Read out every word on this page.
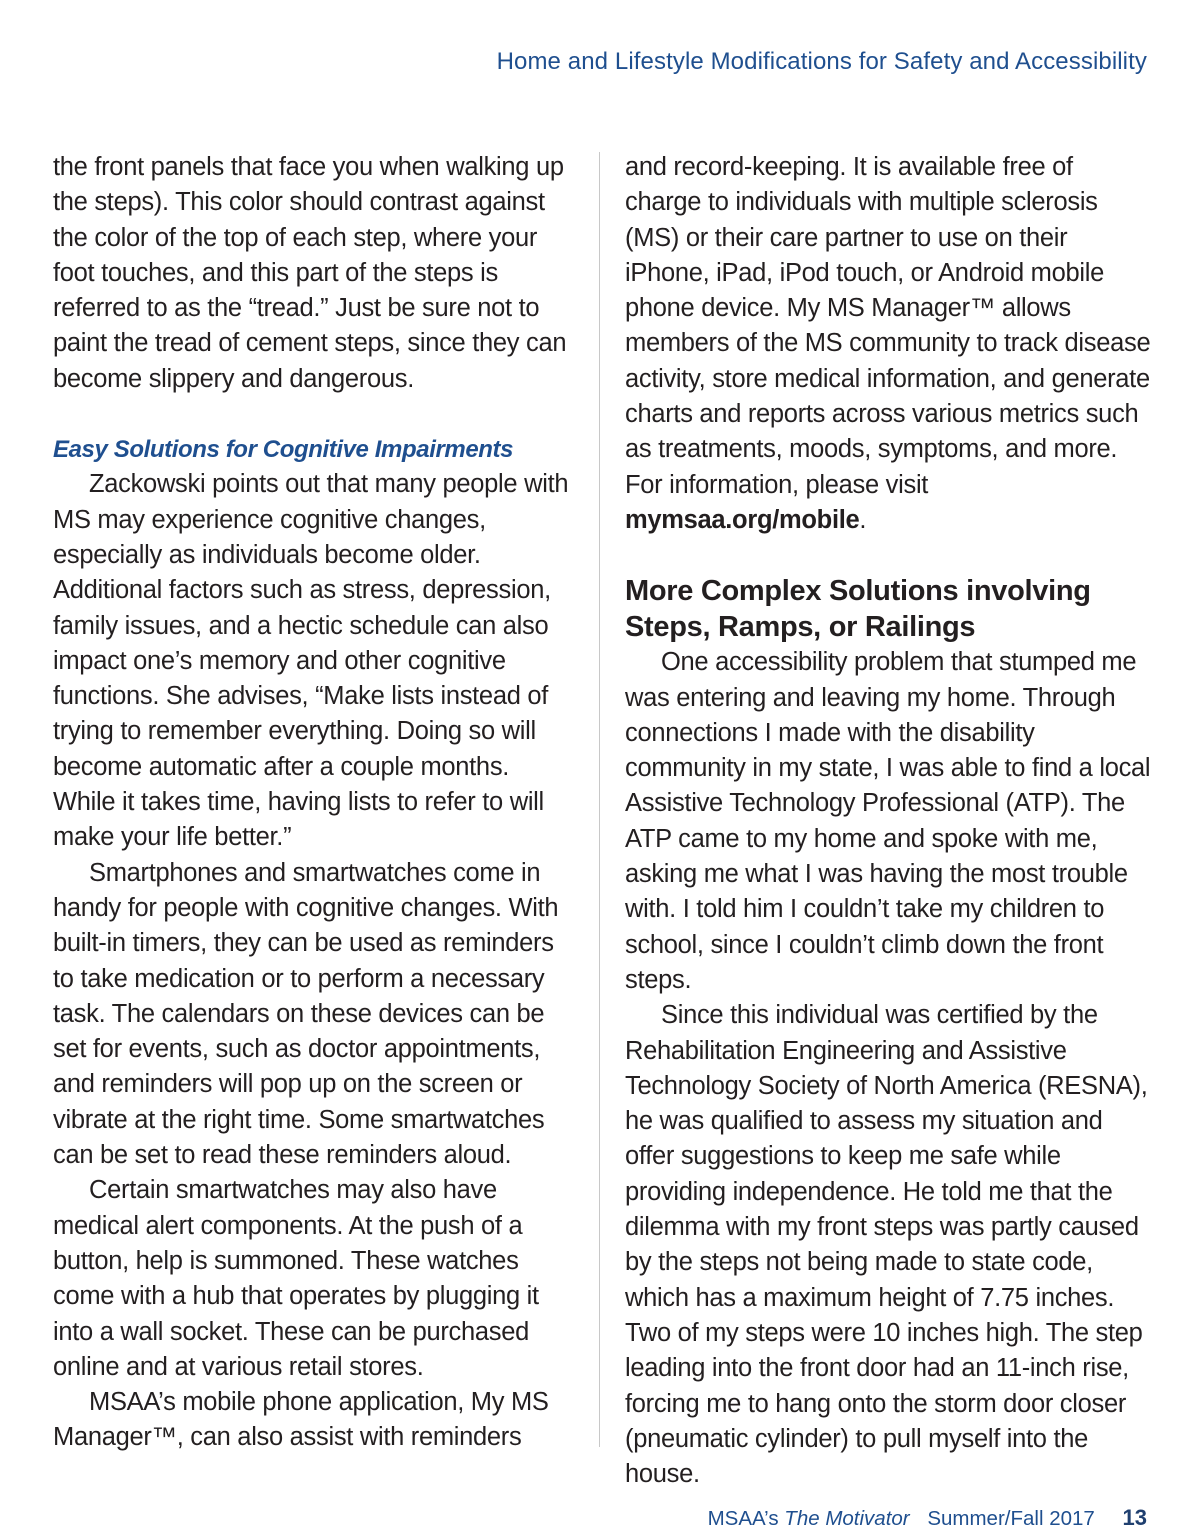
Home and Lifestyle Modifications for Safety and Accessibility

the front panels that face you when walking up the steps). This color should contrast against the color of the top of each step, where your foot touches, and this part of the steps is referred to as the “tread.” Just be sure not to paint the tread of cement steps, since they can become slippery and dangerous.

Easy Solutions for Cognitive Impairments

Zackowski points out that many people with MS may experience cognitive changes, especially as individuals become older. Additional factors such as stress, depression, family issues, and a hectic schedule can also impact one’s memory and other cognitive functions. She advises, “Make lists instead of trying to remember everything. Doing so will become automatic after a couple months. While it takes time, having lists to refer to will make your life better.”

Smartphones and smartwatches come in handy for people with cognitive changes. With built-in timers, they can be used as reminders to take medication or to perform a necessary task. The calendars on these devices can be set for events, such as doctor appointments, and reminders will pop up on the screen or vibrate at the right time. Some smartwatches can be set to read these reminders aloud.

Certain smartwatches may also have medical alert components. At the push of a button, help is summoned. These watches come with a hub that operates by plugging it into a wall socket. These can be purchased online and at various retail stores.

MSAA’s mobile phone application, My MS Manager™, can also assist with reminders

and record-keeping. It is available free of charge to individuals with multiple sclerosis (MS) or their care partner to use on their iPhone, iPad, iPod touch, or Android mobile phone device. My MS Manager™ allows members of the MS community to track disease activity, store medical information, and generate charts and reports across various metrics such as treatments, moods, symptoms, and more. For information, please visit mymsaa.org/mobile.

More Complex Solutions involving Steps, Ramps, or Railings

One accessibility problem that stumped me was entering and leaving my home. Through connections I made with the disability community in my state, I was able to find a local Assistive Technology Professional (ATP). The ATP came to my home and spoke with me, asking me what I was having the most trouble with. I told him I couldn’t take my children to school, since I couldn’t climb down the front steps.

Since this individual was certified by the Rehabilitation Engineering and Assistive Technology Society of North America (RESNA), he was qualified to assess my situation and offer suggestions to keep me safe while providing independence. He told me that the dilemma with my front steps was partly caused by the steps not being made to state code, which has a maximum height of 7.75 inches. Two of my steps were 10 inches high. The step leading into the front door had an 11-inch rise, forcing me to hang onto the storm door closer (pneumatic cylinder) to pull myself into the house.

MSAA’s The Motivator Summer/Fall 2017 13
